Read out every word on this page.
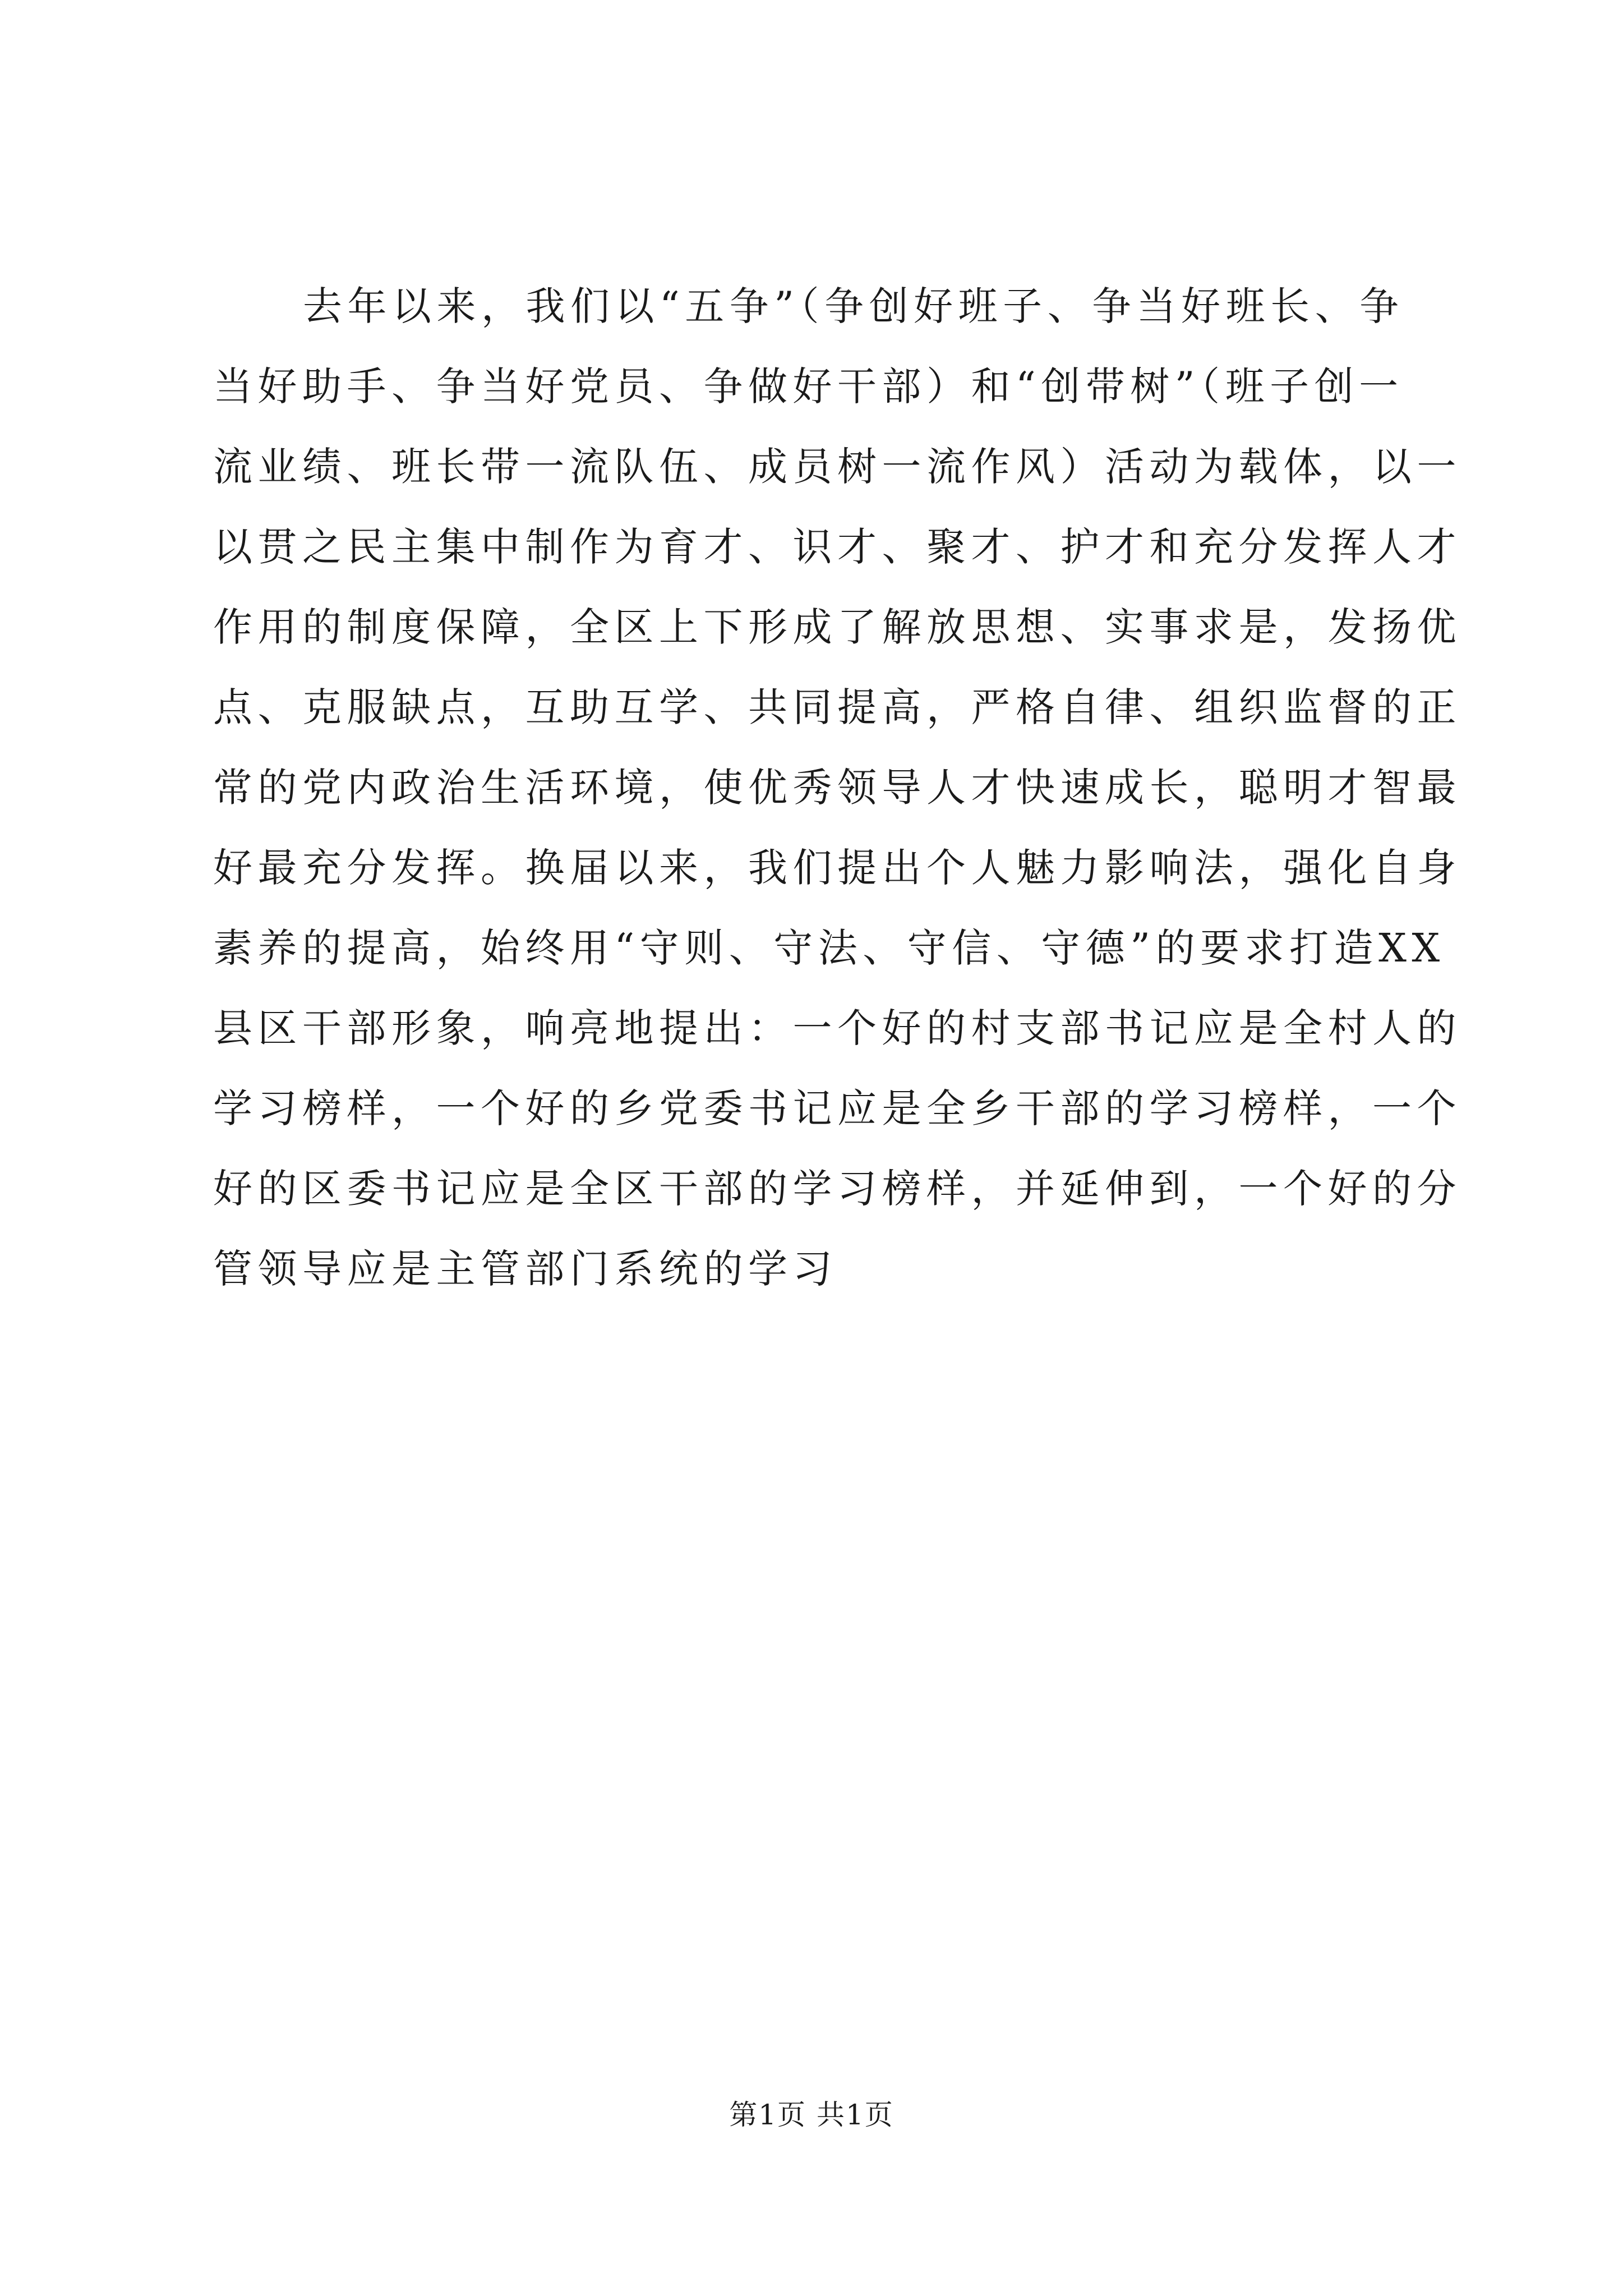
去年以来，我们以“五争”（争创好班子、争当好班长、争
当好助手、争当好党员、争做好干部）和“创带树”（班子创一
流业绩、班长带一流队伍、成员树一流作风）活动为载体，以一
以贯之民主集中制作为育才、识才、聚才、护才和充分发挥人才
作用的制度保障，全区上下形成了解放思想、实事求是，发扬优
点、克服缺点，互助互学、共同提高，严格自律、组织监督的正
常的党内政治生活环境，使优秀领导人才快速成长，聪明才智最
好最充分发挥。换届以来，我们提出个人魅力影响法，强化自身
素养的提高，始终用“守则、守法、守信、守德”的要求打造XX
县区干部形象，响亮地提出：一个好的村支部书记应是全村人的
学习榜样，一个好的乡党委书记应是全乡干部的学习榜样，一个
好的区委书记应是全区干部的学习榜样，并延伸到，一个好的分
管领导应是主管部门系统的学习
第1页 共1页
